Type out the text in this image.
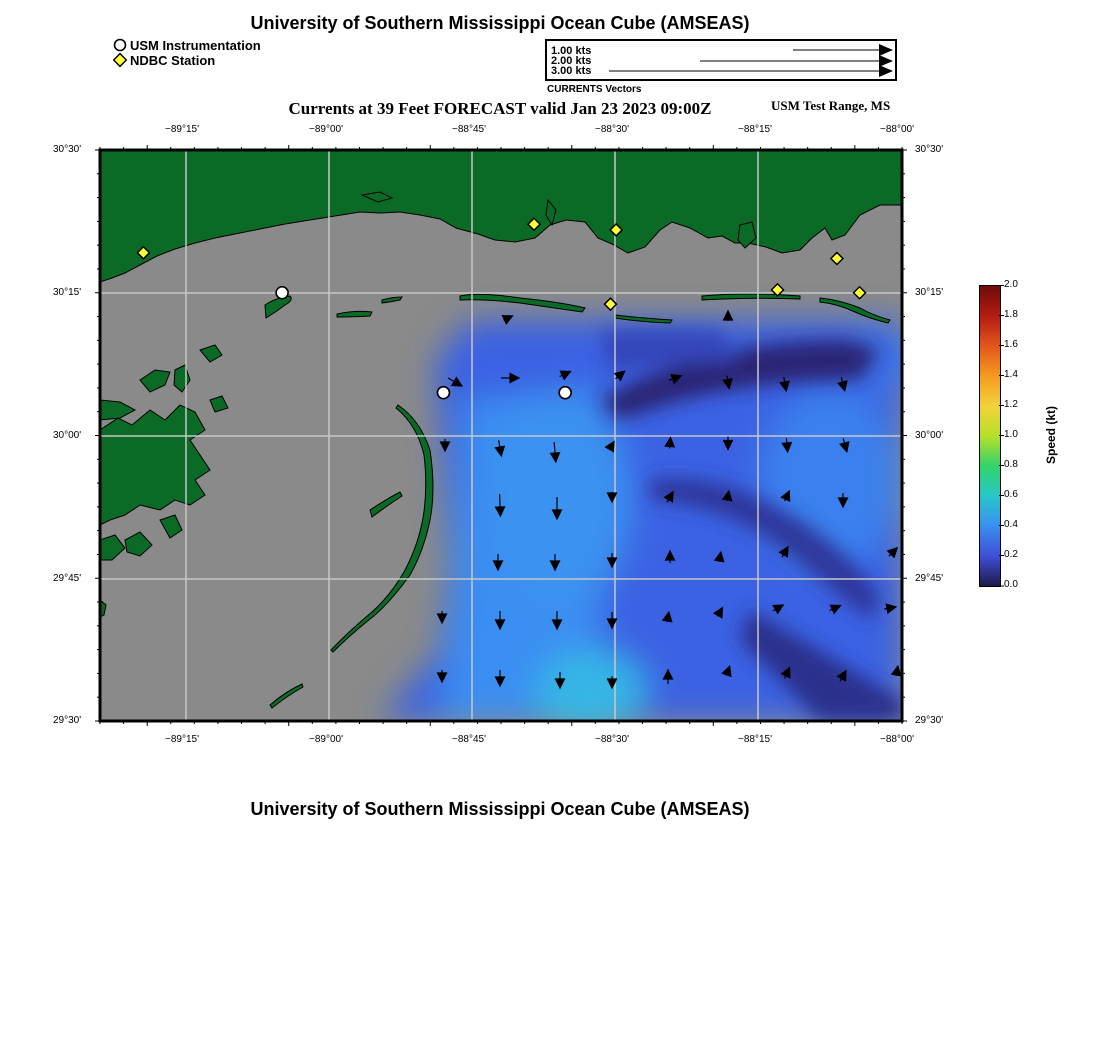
University of Southern Mississippi Ocean Cube (AMSEAS)
USM Instrumentation
NDBC Station
1.00 kts
2.00 kts
3.00 kts
CURRENTS Vectors
Currents at 39 Feet FORECAST valid Jan 23 2023 09:00Z	USM Test Range, MS
−89°15'	−89°00'	−88°45'	−88°30'	−88°15'	−88°00'
−89°15'	−89°00'	−88°45'	−88°30'	−88°15'	−88°00'
30°30'
30°15'
30°00'
29°45'
29°30'
30°30'
30°15'
30°00'
29°45'
29°30'
2.0
1.8
1.6
1.4
1.2
1.0
0.8
0.6
0.4
0.2
0.0
Speed (kt)
University of Southern Mississippi Ocean Cube (AMSEAS)
